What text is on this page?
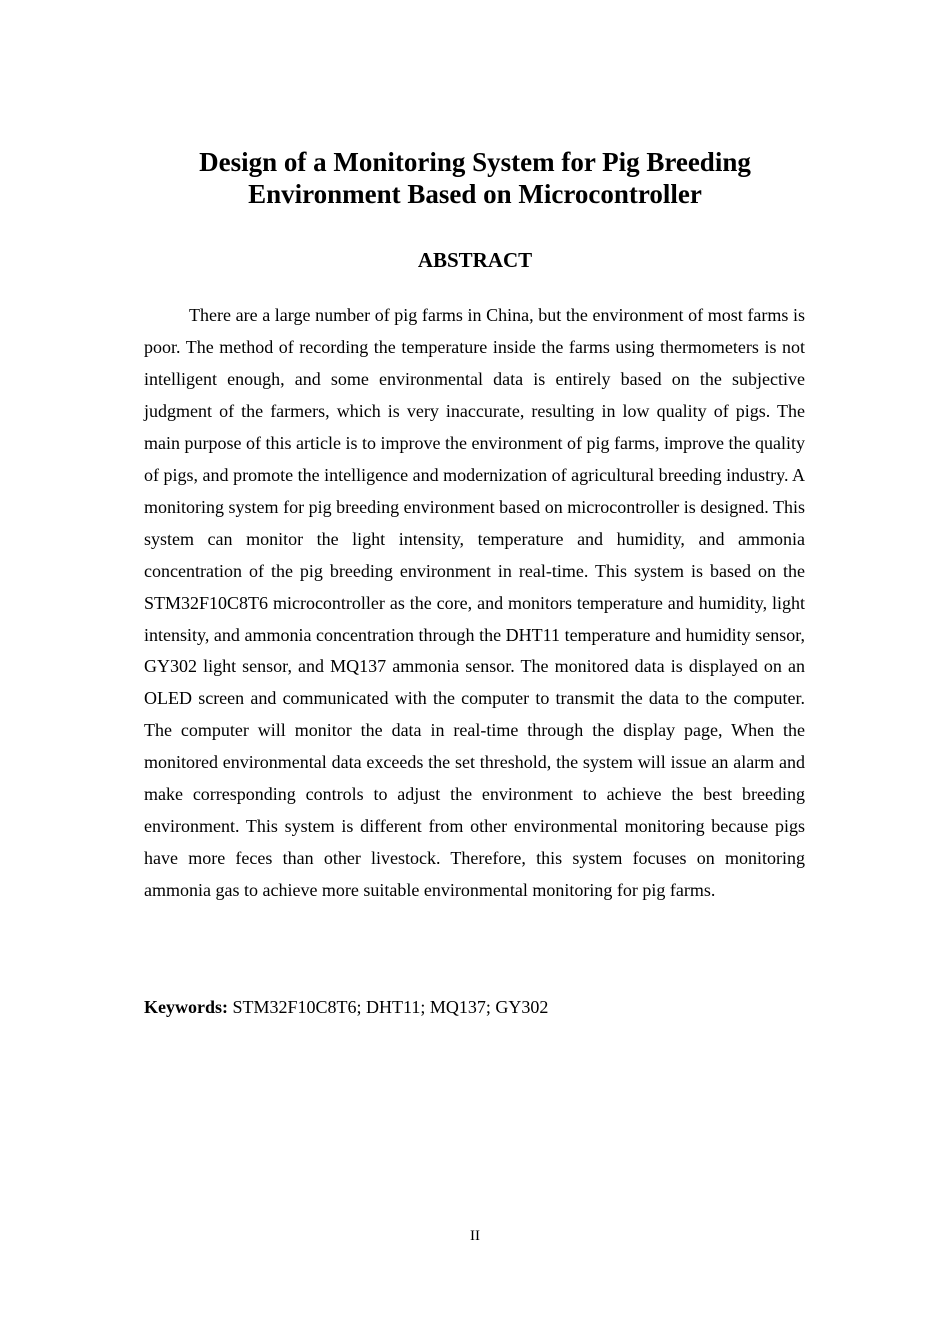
Design of a Monitoring System for Pig Breeding
Environment Based on Microcontroller
ABSTRACT

There are a large number of pig farms in China, but the environment of most farms is poor. The method of recording the temperature inside the farms using thermometers is not intelligent enough, and some environmental data is entirely based on the subjective judgment of the farmers, which is very inaccurate, resulting in low quality of pigs. The main purpose of this article is to improve the environment of pig farms, improve the quality of pigs, and promote the intelligence and modernization of agricultural breeding industry. A monitoring system for pig breeding environment based on microcontroller is designed. This system can monitor the light intensity, temperature and humidity, and ammonia concentration of the pig breeding environment in real-time. This system is based on the STM32F10C8T6 microcontroller as the core, and monitors temperature and humidity, light intensity, and ammonia concentration through the DHT11 temperature and humidity sensor, GY302 light sensor, and MQ137 ammonia sensor. The monitored data is displayed on an OLED screen and communicated with the computer to transmit the data to the computer. The computer will monitor the data in real-time through the display page, When the monitored environmental data exceeds the set threshold, the system will issue an alarm and make corresponding controls to adjust the environment to achieve the best breeding environment. This system is different from other environmental monitoring because pigs have more feces than other livestock. Therefore, this system focuses on monitoring ammonia gas to achieve more suitable environmental monitoring for pig farms.

Keywords: STM32F10C8T6; DHT11; MQ137; GY302
II
